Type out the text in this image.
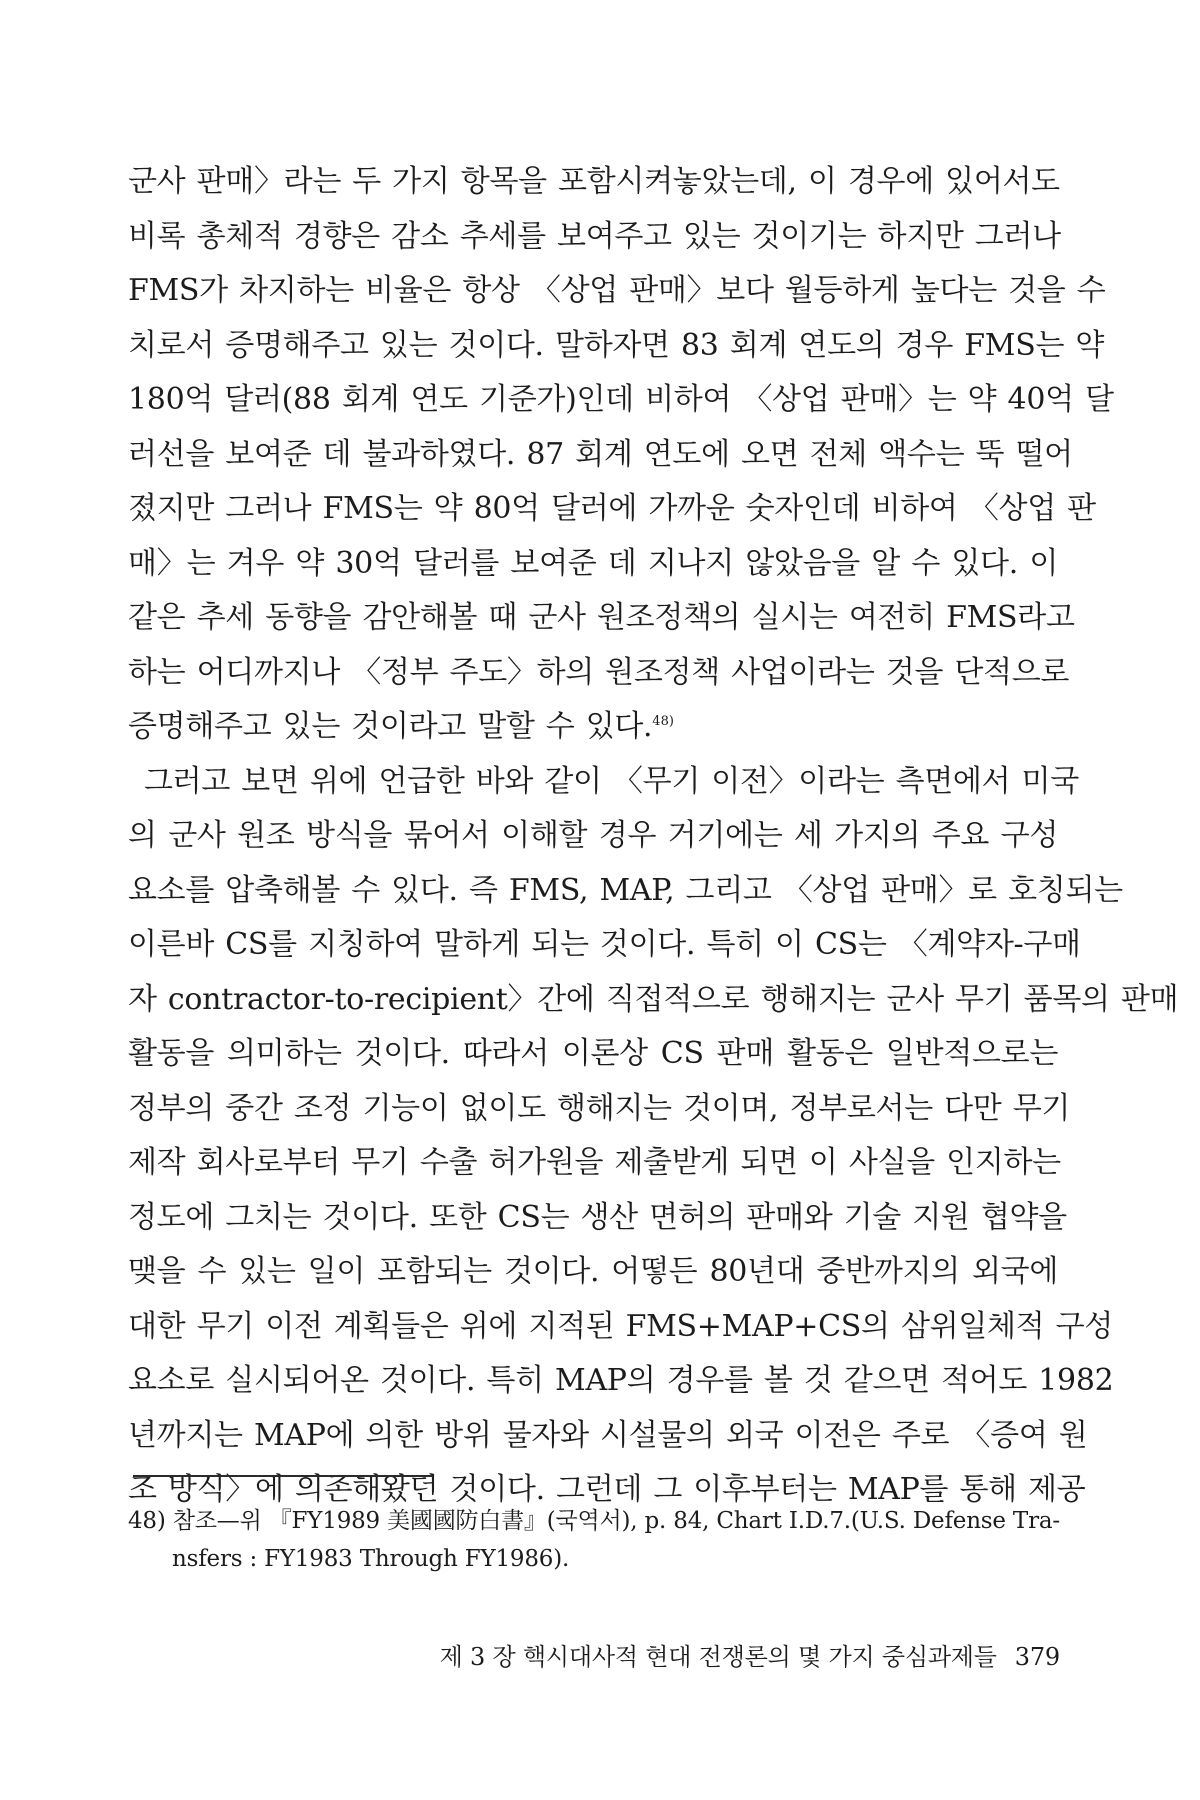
군사 판매〉라는 두 가지 항목을 포함시켜놓았는데, 이 경우에 있어서도
비록 총체적 경향은 감소 추세를 보여주고 있는 것이기는 하지만 그러나
FMS가 차지하는 비율은 항상 〈상업 판매〉보다 월등하게 높다는 것을 수
치로서 증명해주고 있는 것이다. 말하자면 83 회계 연도의 경우 FMS는 약
180억 달러(88 회계 연도 기준가)인데 비하여 〈상업 판매〉는 약 40억 달
러선을 보여준 데 불과하였다. 87 회계 연도에 오면 전체 액수는 뚝 떨어
졌지만 그러나 FMS는 약 80억 달러에 가까운 숫자인데 비하여 〈상업 판
매〉는 겨우 약 30억 달러를 보여준 데 지나지 않았음을 알 수 있다. 이
같은 추세 동향을 감안해볼 때 군사 원조정책의 실시는 여전히 FMS라고
하는 어디까지나 〈정부 주도〉하의 원조정책 사업이라는 것을 단적으로
증명해주고 있는 것이라고 말할 수 있다.$^{48)}$
그러고 보면 위에 언급한 바와 같이 〈무기 이전〉이라는 측면에서 미국
의 군사 원조 방식을 묶어서 이해할 경우 거기에는 세 가지의 주요 구성
요소를 압축해볼 수 있다. 즉 FMS, MAP, 그리고 〈상업 판매〉로 호칭되는
이른바 CS를 지칭하여 말하게 되는 것이다. 특히 이 CS는 〈계약자-구매
자 contractor-to-recipient〉간에 직접적으로 행해지는 군사 무기 품목의 판매
활동을 의미하는 것이다. 따라서 이론상 CS 판매 활동은 일반적으로는
정부의 중간 조정 기능이 없이도 행해지는 것이며, 정부로서는 다만 무기
제작 회사로부터 무기 수출 허가원을 제출받게 되면 이 사실을 인지하는
정도에 그치는 것이다. 또한 CS는 생산 면허의 판매와 기술 지원 협약을
맺을 수 있는 일이 포함되는 것이다. 어떻든 80년대 중반까지의 외국에
대한 무기 이전 계획들은 위에 지적된 FMS+MAP+CS의 삼위일체적 구성
요소로 실시되어온 것이다. 특히 MAP의 경우를 볼 것 같으면 적어도 1982
년까지는 MAP에 의한 방위 물자와 시설물의 외국 이전은 주로 〈증여 원
조 방식〉에 의존해왔던 것이다. 그런데 그 이후부터는 MAP를 통해 제공
48) 참조—위 『FY1989 美國國防白書』(국역서), p. 84, Chart I.D.7.(U.S. Defense Tra-
nsfers : FY1983 Through FY1986).
제 3 장 핵시대사적 현대 전쟁론의 몇 가지 중심과제들 379
